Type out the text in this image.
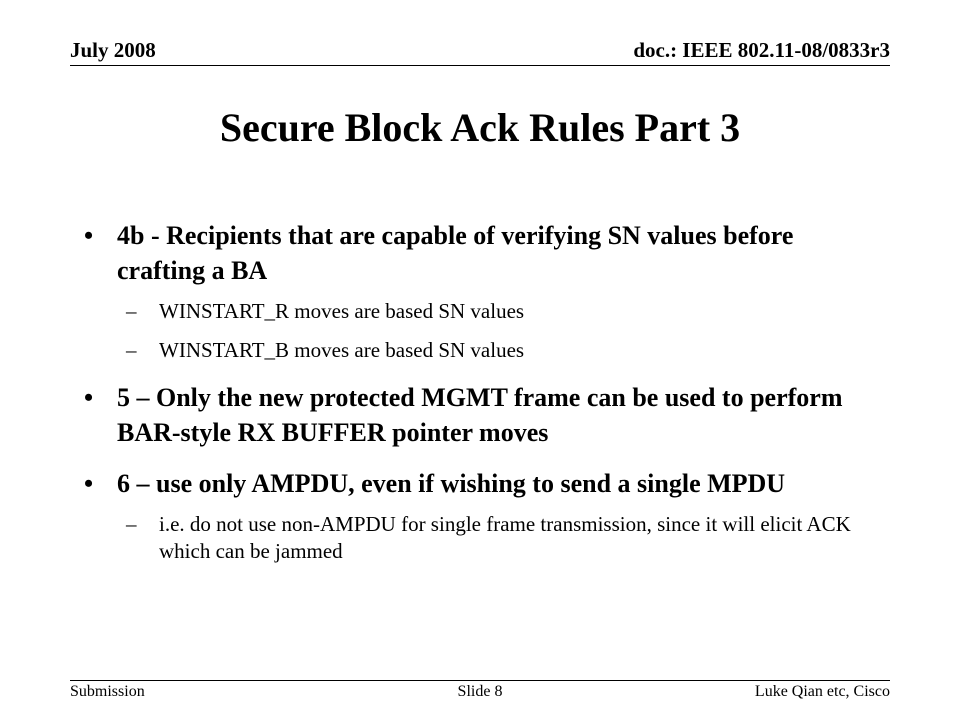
July 2008	doc.: IEEE 802.11-08/0833r3
Secure Block Ack Rules Part 3
• 4b - Recipients that are capable of verifying SN values before crafting a BA
– WINSTART_R moves are based SN values
– WINSTART_B moves are based SN values
• 5 – Only the new protected MGMT frame can be used to perform BAR-style RX BUFFER pointer moves
• 6 – use only AMPDU, even if wishing to send a single MPDU
– i.e. do not use non-AMPDU for single frame transmission, since it will elicit ACK which can be jammed
Submission	Slide 8	Luke Qian etc, Cisco
